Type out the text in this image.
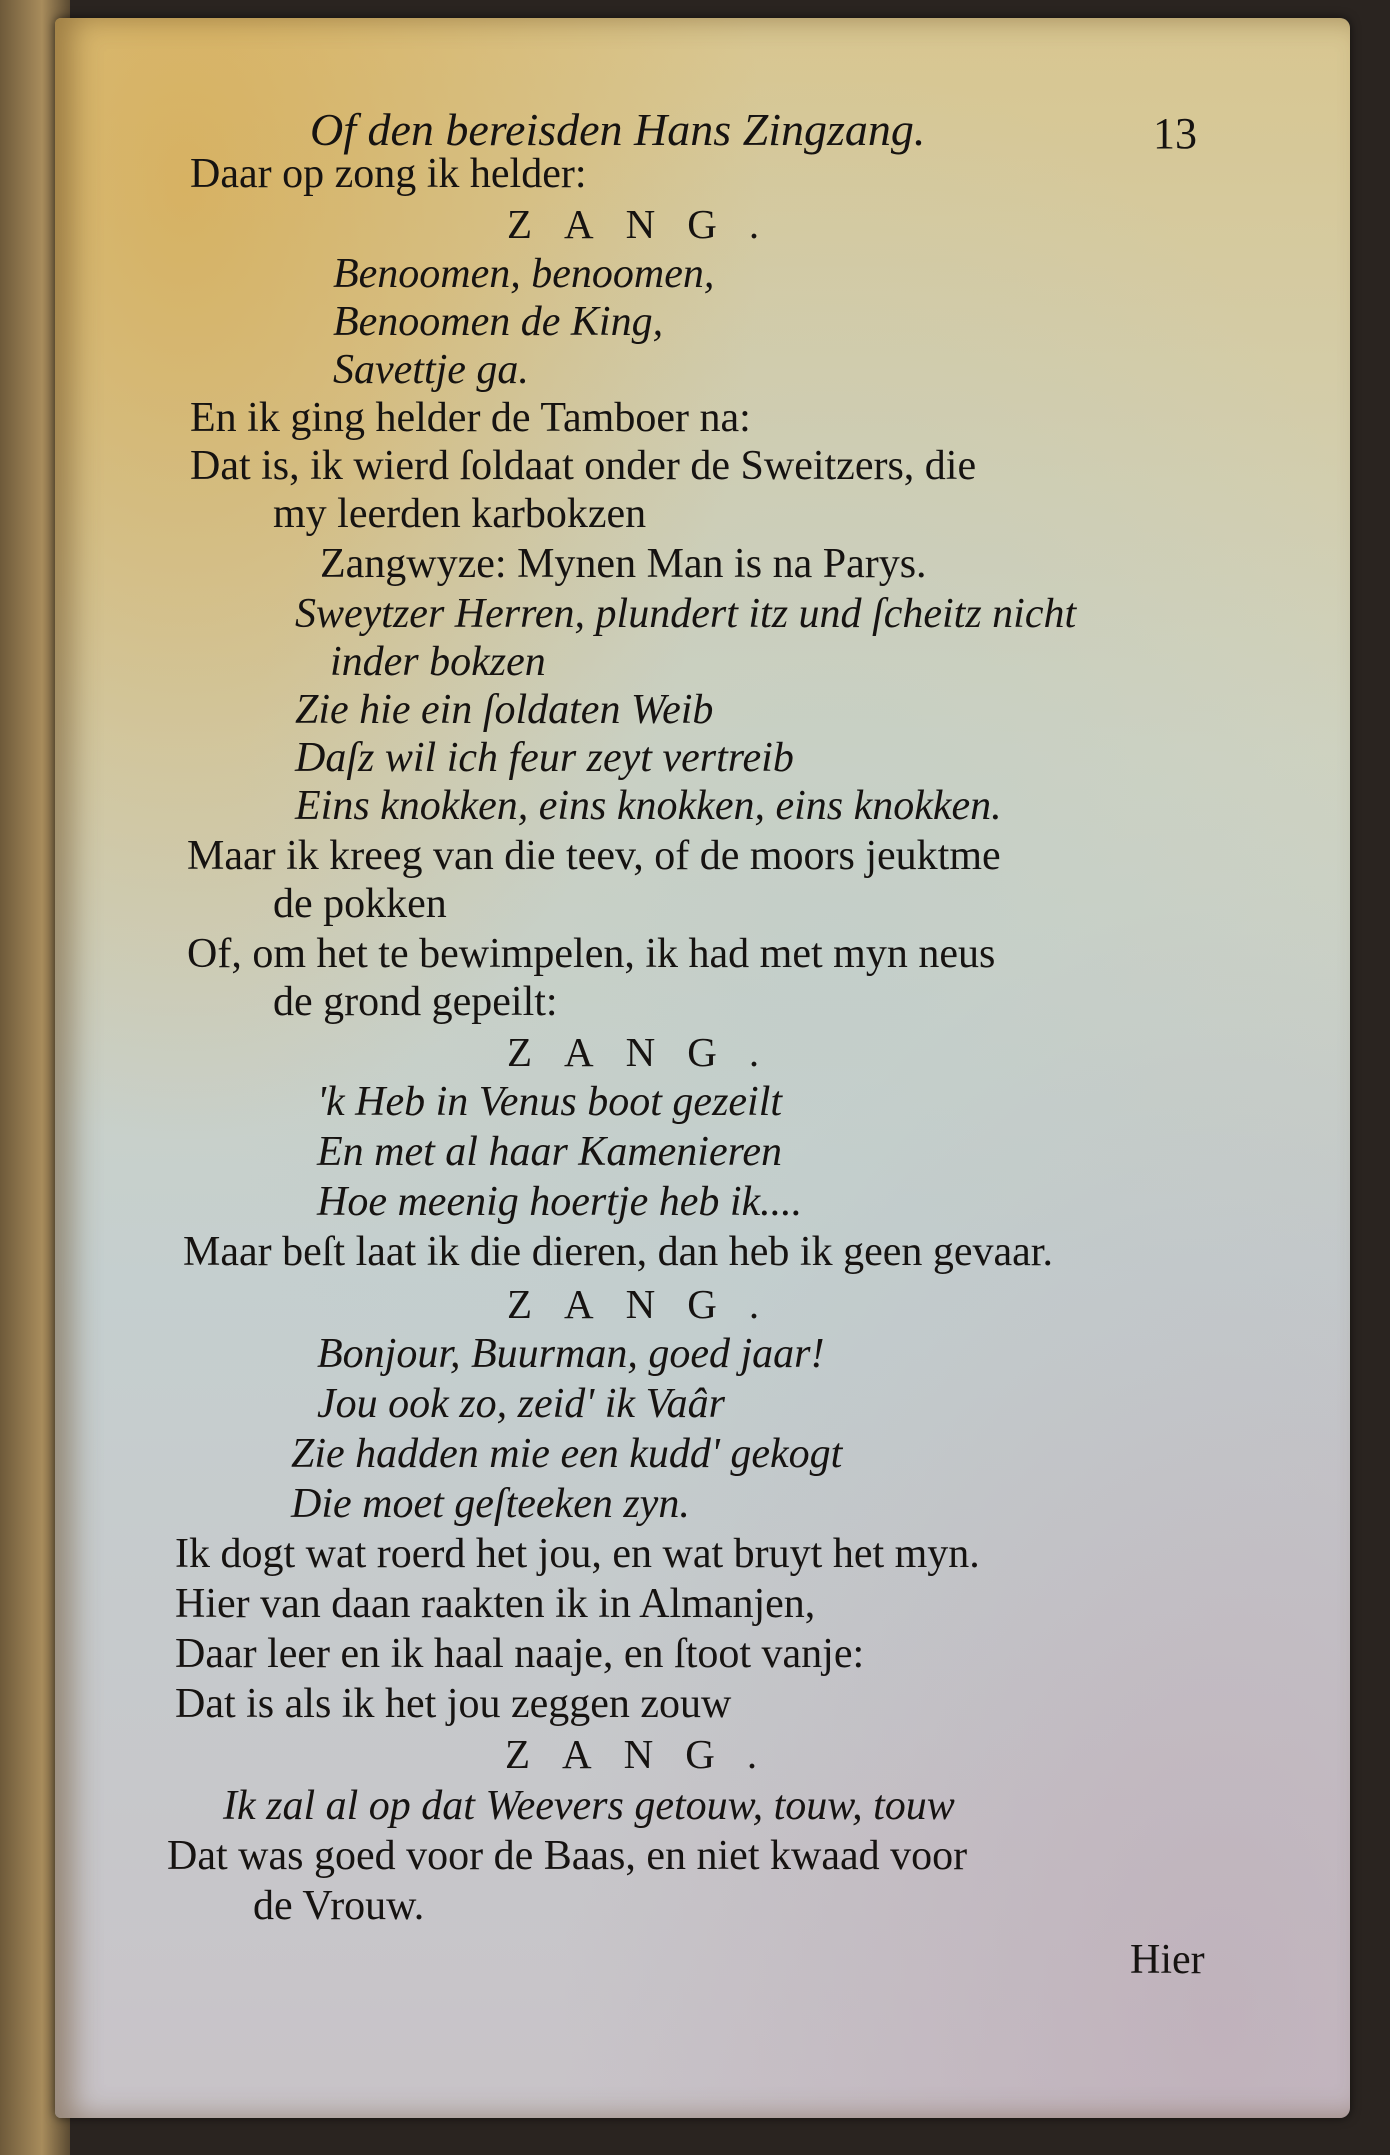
Of den bereisden Hans Zingzang.	13
Daar op zong ik helder:
ZANG.
Benoomen, benoomen,
Benoomen de King,
Savettje ga.
En ik ging helder de Tamboer na:
Dat is, ik wierd ſoldaat onder de Sweitzers, die
my leerden karbokzen
Zangwyze: Mynen Man is na Parys.
Sweytzer Herren, plundert itz und ſcheitz nicht
inder bokzen
Zie hie ein ſoldaten Weib
Daſz wil ich feur zeyt vertreib
Eins knokken, eins knokken, eins knokken.
Maar ik kreeg van die teev, of de moors jeuktme
de pokken
Of, om het te bewimpelen, ik had met myn neus
de grond gepeilt:
ZANG.
'k Heb in Venus boot gezeilt
En met al haar Kamenieren
Hoe meenig hoertje heb ik....
Maar beſt laat ik die dieren, dan heb ik geen gevaar.
ZANG.
Bonjour, Buurman, goed jaar!
Jou ook zo, zeid' ik Vaâr
Zie hadden mie een kudd' gekogt
Die moet geſteeken zyn.
Ik dogt wat roerd het jou, en wat bruyt het myn.
Hier van daan raakten ik in Almanjen,
Daar leer en ik haal naaje, en ſtoot vanje:
Dat is als ik het jou zeggen zouw
ZANG.
Ik zal al op dat Weevers getouw, touw, touw
Dat was goed voor de Baas, en niet kwaad voor
de Vrouw.
Hier
